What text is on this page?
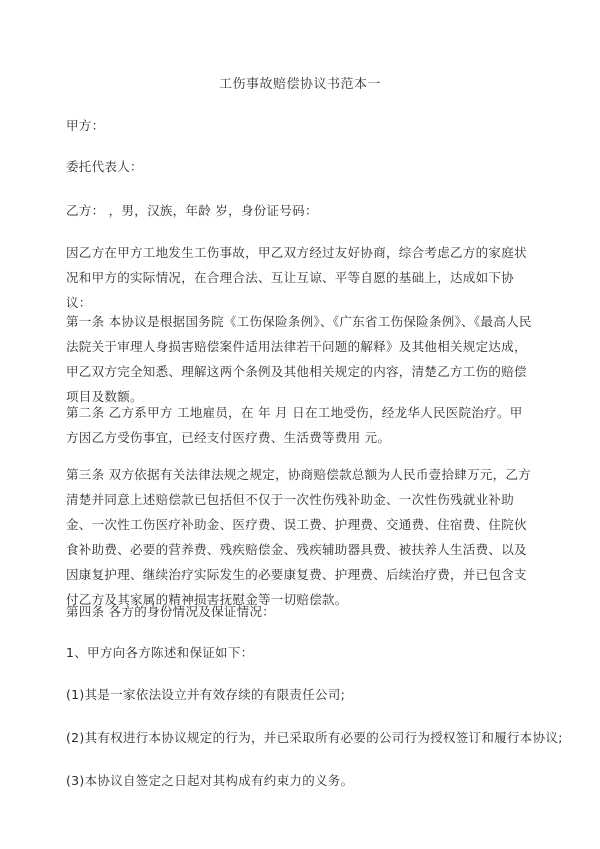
工伤事故赔偿协议书范本一
甲方：
委托代表人：
乙方： ，男，汉族，年龄 岁，身份证号码：
因乙方在甲方工地发生工伤事故，甲乙双方经过友好协商，综合考虑乙方的家庭状况和甲方的实际情况，在合理合法、互让互谅、平等自愿的基础上，达成如下协议：
第一条 本协议是根据国务院《工伤保险条例》、《广东省工伤保险条例》、《最高人民法院关于审理人身损害赔偿案件适用法律若干问题的解释》及其他相关规定达成，甲乙双方完全知悉、理解这两个条例及其他相关规定的内容，清楚乙方工伤的赔偿项目及数额。
第二条 乙方系甲方 工地雇员，在 年 月 日在工地受伤，经龙华人民医院治疗。甲方因乙方受伤事宜，已经支付医疗费、生活费等费用 元。
第三条 双方依据有关法律法规之规定，协商赔偿款总额为人民币壹拾肆万元，乙方清楚并同意上述赔偿款已包括但不仅于一次性伤残补助金、一次性伤残就业补助金、一次性工伤医疗补助金、医疗费、误工费、护理费、交通费、住宿费、住院伙食补助费、必要的营养费、残疾赔偿金、残疾辅助器具费、被扶养人生活费、以及因康复护理、继续治疗实际发生的必要康复费、护理费、后续治疗费，并已包含支付乙方及其家属的精神损害抚慰金等一切赔偿款。
第四条 各方的身份情况及保证情况：
1、甲方向各方陈述和保证如下：
(1)其是一家依法设立并有效存续的有限责任公司;
(2)其有权进行本协议规定的行为，并已采取所有必要的公司行为授权签订和履行本协议;
(3)本协议自签定之日起对其构成有约束力的义务。
